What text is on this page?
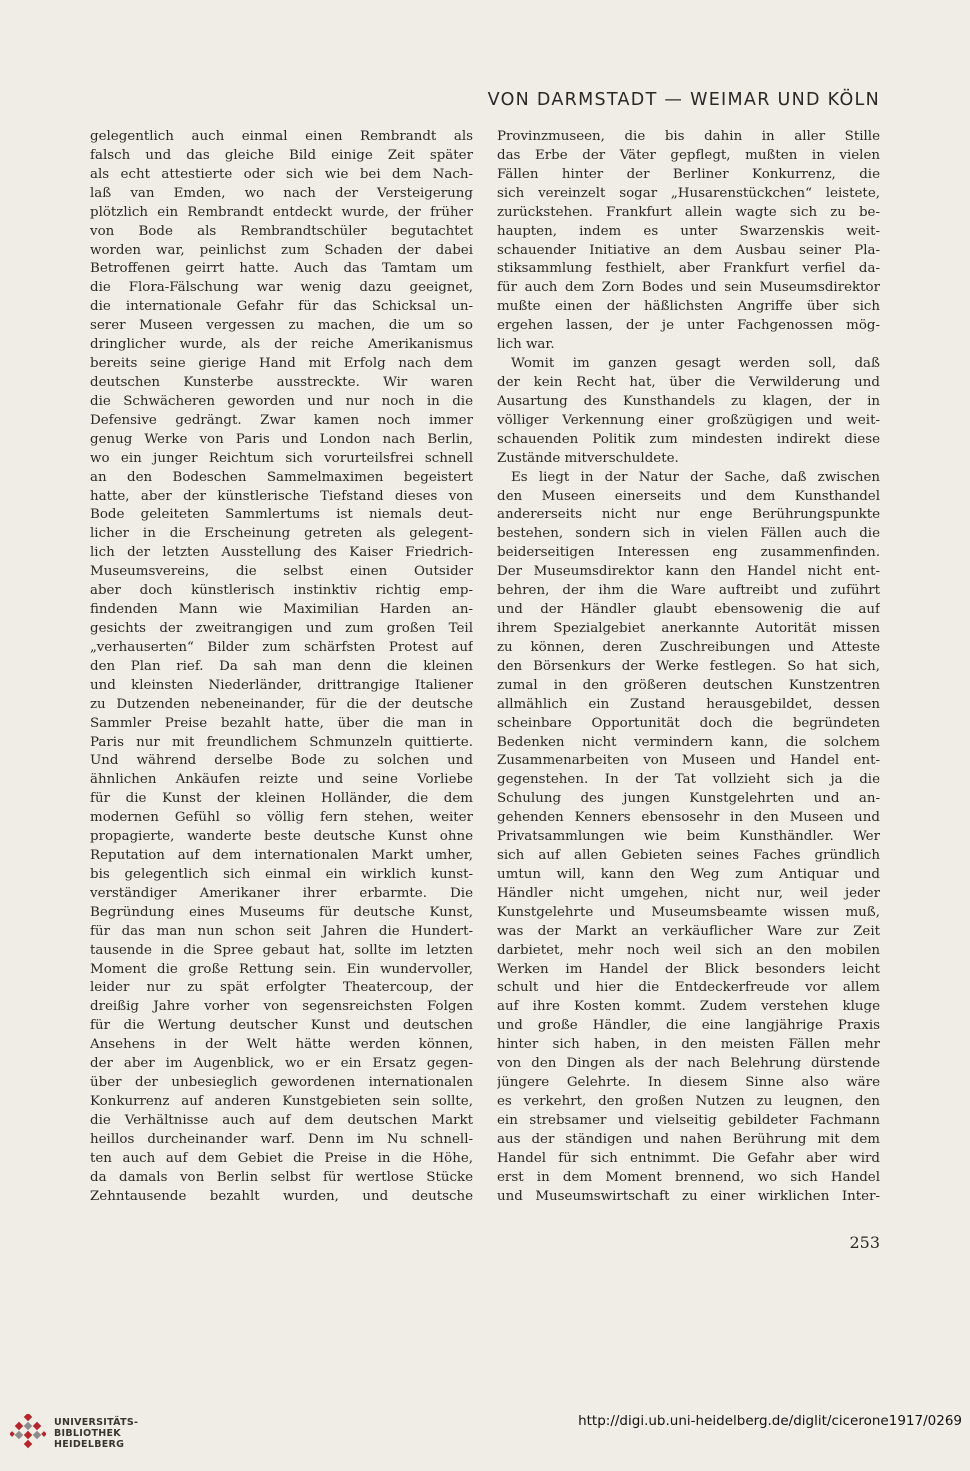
VON DARMSTADT — WEIMAR UND KÖLN

gelegentlich auch einmal einen Rembrandt als
falsch und das gleiche Bild einige Zeit später
als echt attestierte oder sich wie bei dem Nach-
laß van Emden, wo nach der Versteigerung
plötzlich ein Rembrandt entdeckt wurde, der früher
von Bode als Rembrandtschüler begutachtet
worden war, peinlichst zum Schaden der dabei
Betroffenen geirrt hatte. Auch das Tamtam um
die Flora-Fälschung war wenig dazu geeignet,
die internationale Gefahr für das Schicksal un-
serer Museen vergessen zu machen, die um so
dringlicher wurde, als der reiche Amerikanismus
bereits seine gierige Hand mit Erfolg nach dem
deutschen Kunsterbe ausstreckte. Wir waren
die Schwächeren geworden und nur noch in die
Defensive gedrängt. Zwar kamen noch immer
genug Werke von Paris und London nach Berlin,
wo ein junger Reichtum sich vorurteilsfrei schnell
an den Bodeschen Sammelmaximen begeistert
hatte, aber der künstlerische Tiefstand dieses von
Bode geleiteten Sammlertums ist niemals deut-
licher in die Erscheinung getreten als gelegent-
lich der letzten Ausstellung des Kaiser Friedrich-
Museumsvereins, die selbst einen Outsider
aber doch künstlerisch instinktiv richtig emp-
findenden Mann wie Maximilian Harden an-
gesichts der zweitrangigen und zum großen Teil
„verhauserten“ Bilder zum schärfsten Protest auf
den Plan rief. Da sah man denn die kleinen
und kleinsten Niederländer, drittrangige Italiener
zu Dutzenden nebeneinander, für die der deutsche
Sammler Preise bezahlt hatte, über die man in
Paris nur mit freundlichem Schmunzeln quittierte.
Und während derselbe Bode zu solchen und
ähnlichen Ankäufen reizte und seine Vorliebe
für die Kunst der kleinen Holländer, die dem
modernen Gefühl so völlig fern stehen, weiter
propagierte, wanderte beste deutsche Kunst ohne
Reputation auf dem internationalen Markt umher,
bis gelegentlich sich einmal ein wirklich kunst-
verständiger Amerikaner ihrer erbarmte. Die
Begründung eines Museums für deutsche Kunst,
für das man nun schon seit Jahren die Hundert-
tausende in die Spree gebaut hat, sollte im letzten
Moment die große Rettung sein. Ein wundervoller,
leider nur zu spät erfolgter Theatercoup, der
dreißig Jahre vorher von segensreichsten Folgen
für die Wertung deutscher Kunst und deutschen
Ansehens in der Welt hätte werden können,
der aber im Augenblick, wo er ein Ersatz gegen-
über der unbesieglich gewordenen internationalen
Konkurrenz auf anderen Kunstgebieten sein sollte,
die Verhältnisse auch auf dem deutschen Markt
heillos durcheinander warf. Denn im Nu schnell-
ten auch auf dem Gebiet die Preise in die Höhe,
da damals von Berlin selbst für wertlose Stücke
Zehntausende bezahlt wurden, und deutsche

Provinzmuseen, die bis dahin in aller Stille
das Erbe der Väter gepflegt, mußten in vielen
Fällen hinter der Berliner Konkurrenz, die
sich vereinzelt sogar „Husarenstückchen“ leistete,
zurückstehen. Frankfurt allein wagte sich zu be-
haupten, indem es unter Swarzenskis weit-
schauender Initiative an dem Ausbau seiner Pla-
stiksammlung festhielt, aber Frankfurt verfiel da-
für auch dem Zorn Bodes und sein Museumsdirektor
mußte einen der häßlichsten Angriffe über sich
ergehen lassen, der je unter Fachgenossen mög-
lich war.
Womit im ganzen gesagt werden soll, daß
der kein Recht hat, über die Verwilderung und
Ausartung des Kunsthandels zu klagen, der in
völliger Verkennung einer großzügigen und weit-
schauenden Politik zum mindesten indirekt diese
Zustände mitverschuldete.
Es liegt in der Natur der Sache, daß zwischen
den Museen einerseits und dem Kunsthandel
andererseits nicht nur enge Berührungspunkte
bestehen, sondern sich in vielen Fällen auch die
beiderseitigen Interessen eng zusammenfinden.
Der Museumsdirektor kann den Handel nicht ent-
behren, der ihm die Ware auftreibt und zuführt
und der Händler glaubt ebensowenig die auf
ihrem Spezialgebiet anerkannte Autorität missen
zu können, deren Zuschreibungen und Atteste
den Börsenkurs der Werke festlegen. So hat sich,
zumal in den größeren deutschen Kunstzentren
allmählich ein Zustand herausgebildet, dessen
scheinbare Opportunität doch die begründeten
Bedenken nicht vermindern kann, die solchem
Zusammenarbeiten von Museen und Handel ent-
gegenstehen. In der Tat vollzieht sich ja die
Schulung des jungen Kunstgelehrten und an-
gehenden Kenners ebensosehr in den Museen und
Privatsammlungen wie beim Kunsthändler. Wer
sich auf allen Gebieten seines Faches gründlich
umtun will, kann den Weg zum Antiquar und
Händler nicht umgehen, nicht nur, weil jeder
Kunstgelehrte und Museumsbeamte wissen muß,
was der Markt an verkäuflicher Ware zur Zeit
darbietet, mehr noch weil sich an den mobilen
Werken im Handel der Blick besonders leicht
schult und hier die Entdeckerfreude vor allem
auf ihre Kosten kommt. Zudem verstehen kluge
und große Händler, die eine langjährige Praxis
hinter sich haben, in den meisten Fällen mehr
von den Dingen als der nach Belehrung dürstende
jüngere Gelehrte. In diesem Sinne also wäre
es verkehrt, den großen Nutzen zu leugnen, den
ein strebsamer und vielseitig gebildeter Fachmann
aus der ständigen und nahen Berührung mit dem
Handel für sich entnimmt. Die Gefahr aber wird
erst in dem Moment brennend, wo sich Handel
und Museumswirtschaft zu einer wirklichen Inter-

253
UNIVERSITÄTS-
BIBLIOTHEK
HEIDELBERG
http://digi.ub.uni-heidelberg.de/diglit/cicerone1917/0269
